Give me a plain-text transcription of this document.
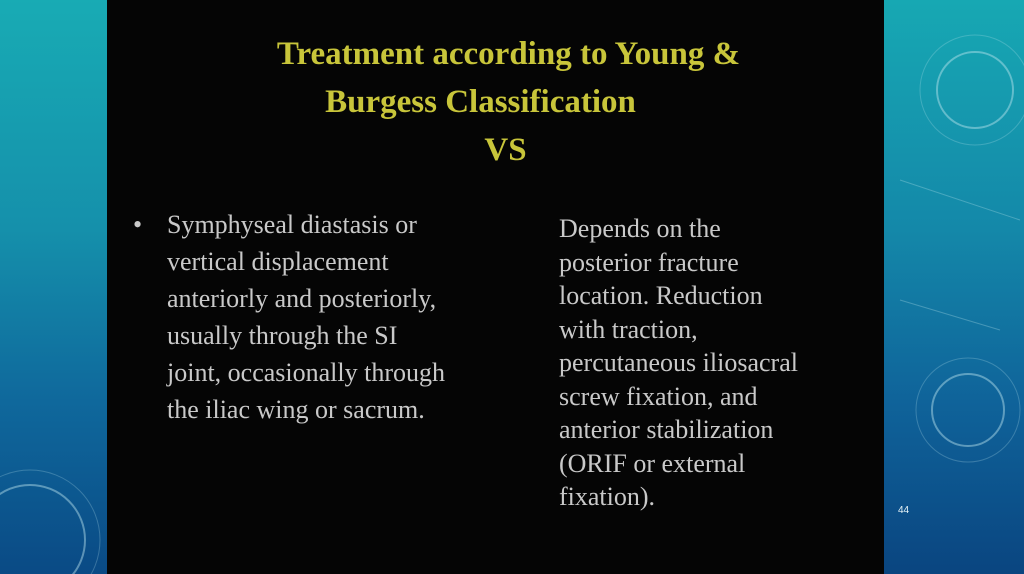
Treatment according to Young &
Burgess Classification
VS
• Symphyseal diastasis or
vertical displacement
anteriorly and posteriorly,
usually through the SI
joint, occasionally through
the iliac wing or sacrum.
Depends on the
posterior fracture
location. Reduction
with traction,
percutaneous iliosacral
screw fixation, and
anterior stabilization
(ORIF or external
fixation).	44
